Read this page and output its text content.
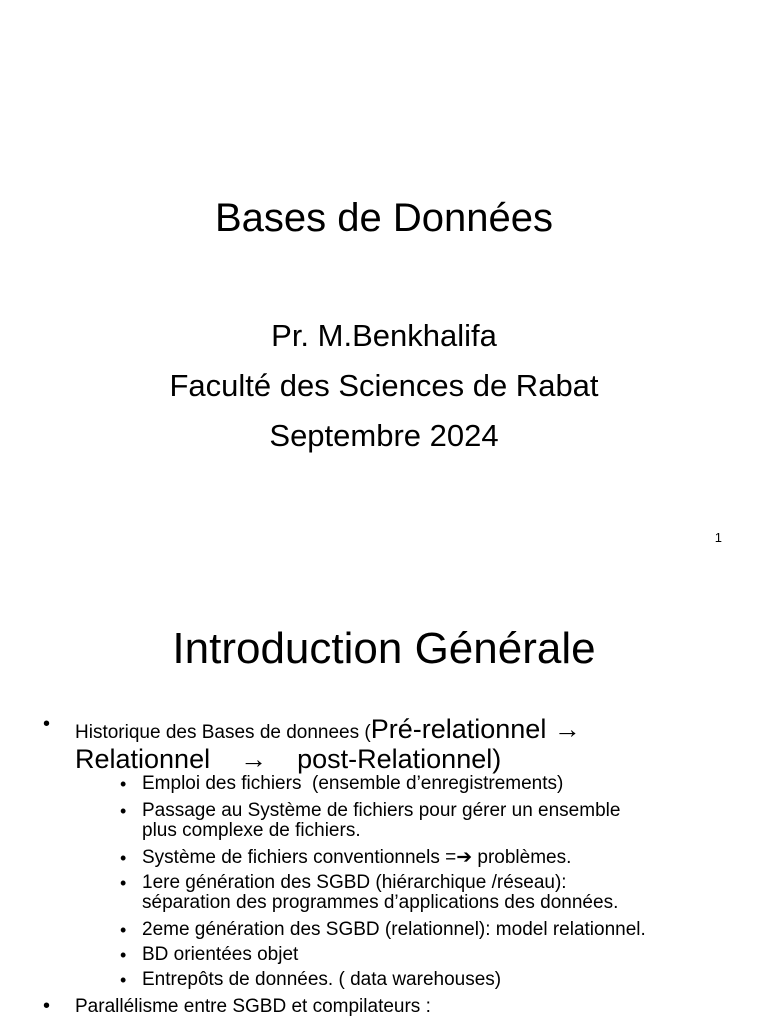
Bases de Données
Pr. M.Benkhalifa
Faculté des Sciences de Rabat
Septembre 2024
1
Introduction Générale
• Historique des Bases de donnees (Pré-relationnel →
Relationnel    →    post-Relationnel)
• Emploi des fichiers  (ensemble d’enregistrements)
• Passage au Système de fichiers pour gérer un ensemble
plus complexe de fichiers.
• Système de fichiers conventionnels =➔ problèmes.
• 1ere génération des SGBD (hiérarchique /réseau):
séparation des programmes d’applications des données.
• 2eme génération des SGBD (relationnel): model relationnel.
• BD orientées objet
• Entrepôts de données. ( data warehouses)
• Parallélisme entre SGBD et compilateurs :
